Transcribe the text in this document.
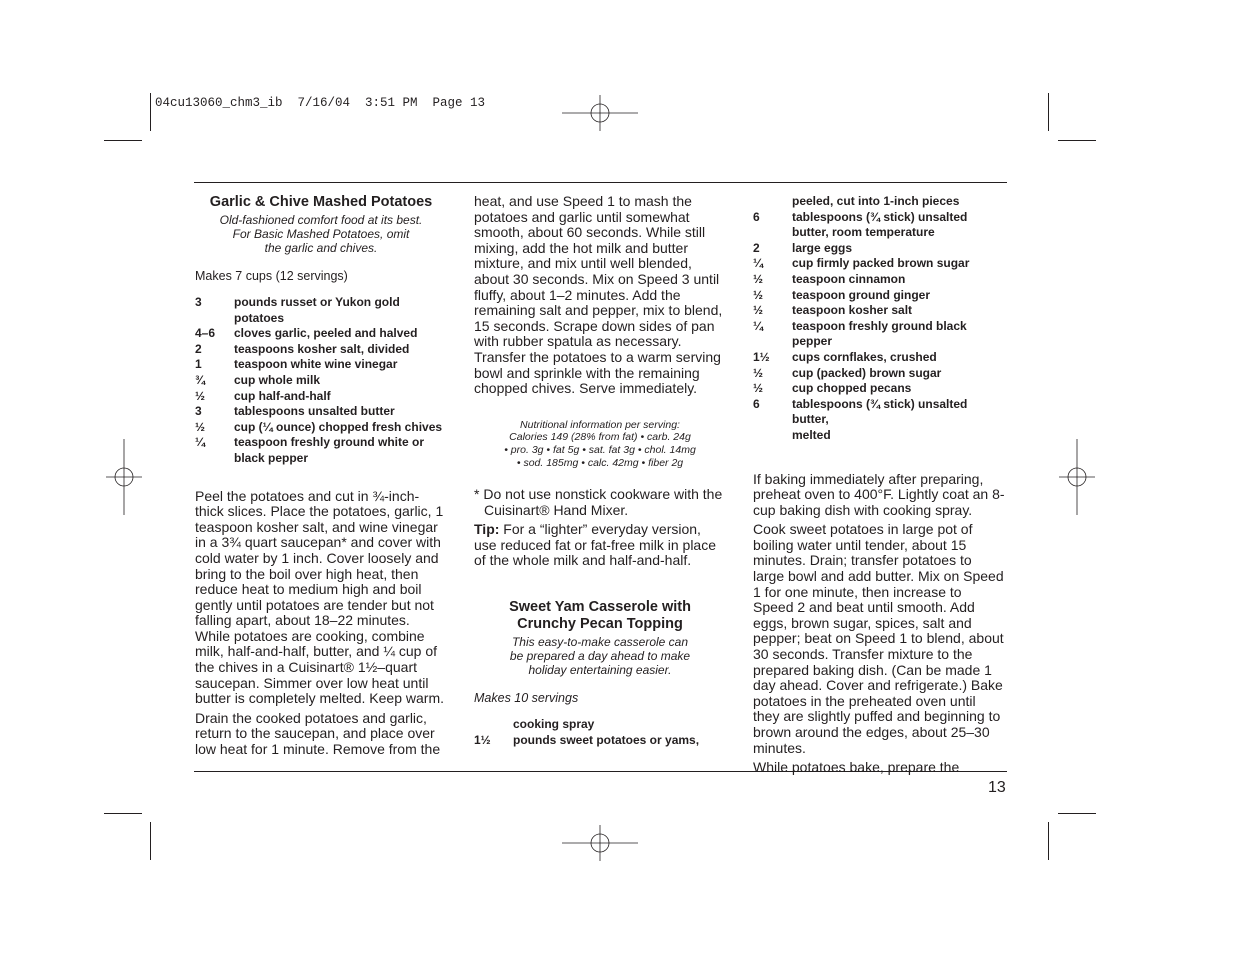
04cu13060_chm3_ib  7/16/04  3:51 PM  Page 13
Garlic & Chive Mashed Potatoes
Old-fashioned comfort food at its best.
For Basic Mashed Potatoes, omit
the garlic and chives.
Makes 7 cups (12 servings)
3	pounds russet or Yukon gold potatoes
4–6	cloves garlic, peeled and halved
2	teaspoons kosher salt, divided
1	teaspoon white wine vinegar
¾	cup whole milk
½	cup half-and-half
3	tablespoons unsalted butter
½	cup (¼ ounce) chopped fresh chives
¼	teaspoon freshly ground white or
black pepper

Peel the potatoes and cut in ¾-inch-thick slices. Place the potatoes, garlic, 1 teaspoon kosher salt, and wine vinegar in a 3¾ quart saucepan* and cover with cold water by 1 inch. Cover loosely and bring to the boil over high heat, then reduce heat to medium high and boil gently until potatoes are tender but not falling apart, about 18–22 minutes. While potatoes are cooking, combine milk, half-and-half, butter, and ¼ cup of the chives in a Cuisinart® 1½–quart saucepan. Simmer over low heat until butter is completely melted. Keep warm.

Drain the cooked potatoes and garlic, return to the saucepan, and place over low heat for 1 minute. Remove from the

heat, and use Speed 1 to mash the potatoes and garlic until somewhat smooth, about 60 seconds. While still mixing, add the hot milk and butter mixture, and mix until well blended, about 30 seconds. Mix on Speed 3 until fluffy, about 1–2 minutes. Add the remaining salt and pepper, mix to blend, 15 seconds. Scrape down sides of pan with rubber spatula as necessary. Transfer the potatoes to a warm serving bowl and sprinkle with the remaining chopped chives. Serve immediately.

Nutritional information per serving:
Calories 149 (28% from fat) • carb. 24g
• pro. 3g • fat 5g • sat. fat 3g • chol. 14mg
• sod. 185mg • calc. 42mg • fiber 2g

* Do not use nonstick cookware with the Cuisinart® Hand Mixer.

Tip: For a “lighter” everyday version, use reduced fat or fat-free milk in place of the whole milk and half-and-half.

Sweet Yam Casserole with
Crunchy Pecan Topping
This easy-to-make casserole can
be prepared a day ahead to make
holiday entertaining easier.
Makes 10 servings
cooking spray
1½	pounds sweet potatoes or yams,
peeled, cut into 1-inch pieces
6	tablespoons (¾ stick) unsalted
butter, room temperature
2	large eggs
¼	cup firmly packed brown sugar
½	teaspoon cinnamon
½	teaspoon ground ginger
½	teaspoon kosher salt
¼	teaspoon freshly ground black
pepper
1½	cups cornflakes, crushed
½	cup (packed) brown sugar
½	cup chopped pecans
6	tablespoons (¾ stick) unsalted butter,
melted

If baking immediately after preparing, preheat oven to 400°F. Lightly coat an 8-cup baking dish with cooking spray.

Cook sweet potatoes in large pot of boiling water until tender, about 15 minutes. Drain; transfer potatoes to large bowl and add butter. Mix on Speed 1 for one minute, then increase to Speed 2 and beat until smooth. Add eggs, brown sugar, spices, salt and pepper; beat on Speed 1 to blend, about 30 seconds. Transfer mixture to the prepared baking dish. (Can be made 1 day ahead. Cover and refrigerate.) Bake potatoes in the preheated oven until they are slightly puffed and beginning to brown around the edges, about 25–30 minutes.

While potatoes bake, prepare the

13
